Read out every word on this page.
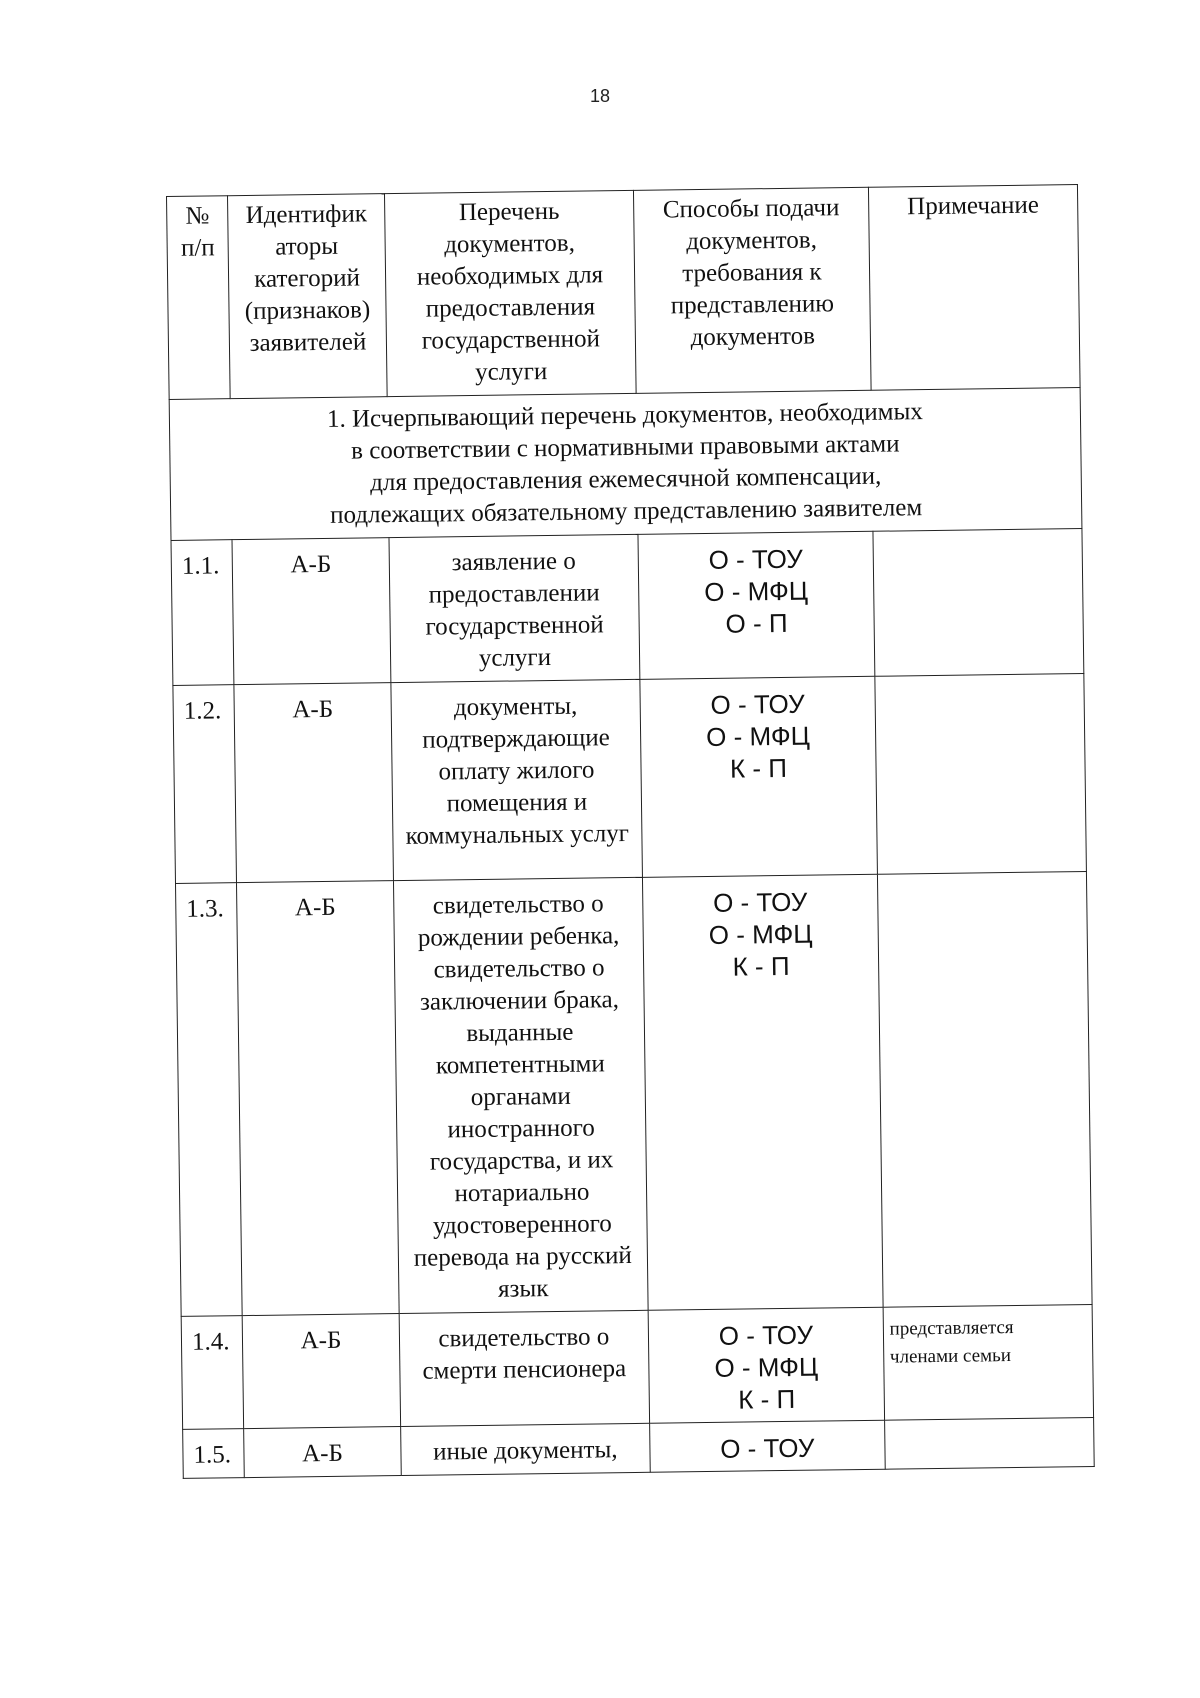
18
№ п/п	Идентифик аторы категорий (признаков) заявителей	Перечень документов, необходимых для предоставления государственной услуги	Способы подачи документов, требования к представлению документов	Примечание

1. Исчерпывающий перечень документов, необходимых
в соответствии с нормативными правовыми актами
для предоставления ежемесячной компенсации,
подлежащих обязательному представлению заявителем				

1.1.	А-Б	заявление о предоставлении государственной услуги	О - ТОУ
О - МФЦ
О - П	

1.2.	А-Б	документы, подтверждающие оплату жилого помещения и коммунальных услуг	О - ТОУ
О - МФЦ
К - П	

1.3.	А-Б	свидетельство о рождении ребенка, свидетельство о заключении брака, выданные компетентными органами иностранного государства, и их нотариально удостоверенного перевода на русский язык	О - ТОУ
О - МФЦ
К - П	

1.4.	А-Б	свидетельство о смерти пенсионера	О - ТОУ
О - МФЦ
К - П	представляется членами семьи
1.5.	А-Б	иные документы,	О - ТОУ	
